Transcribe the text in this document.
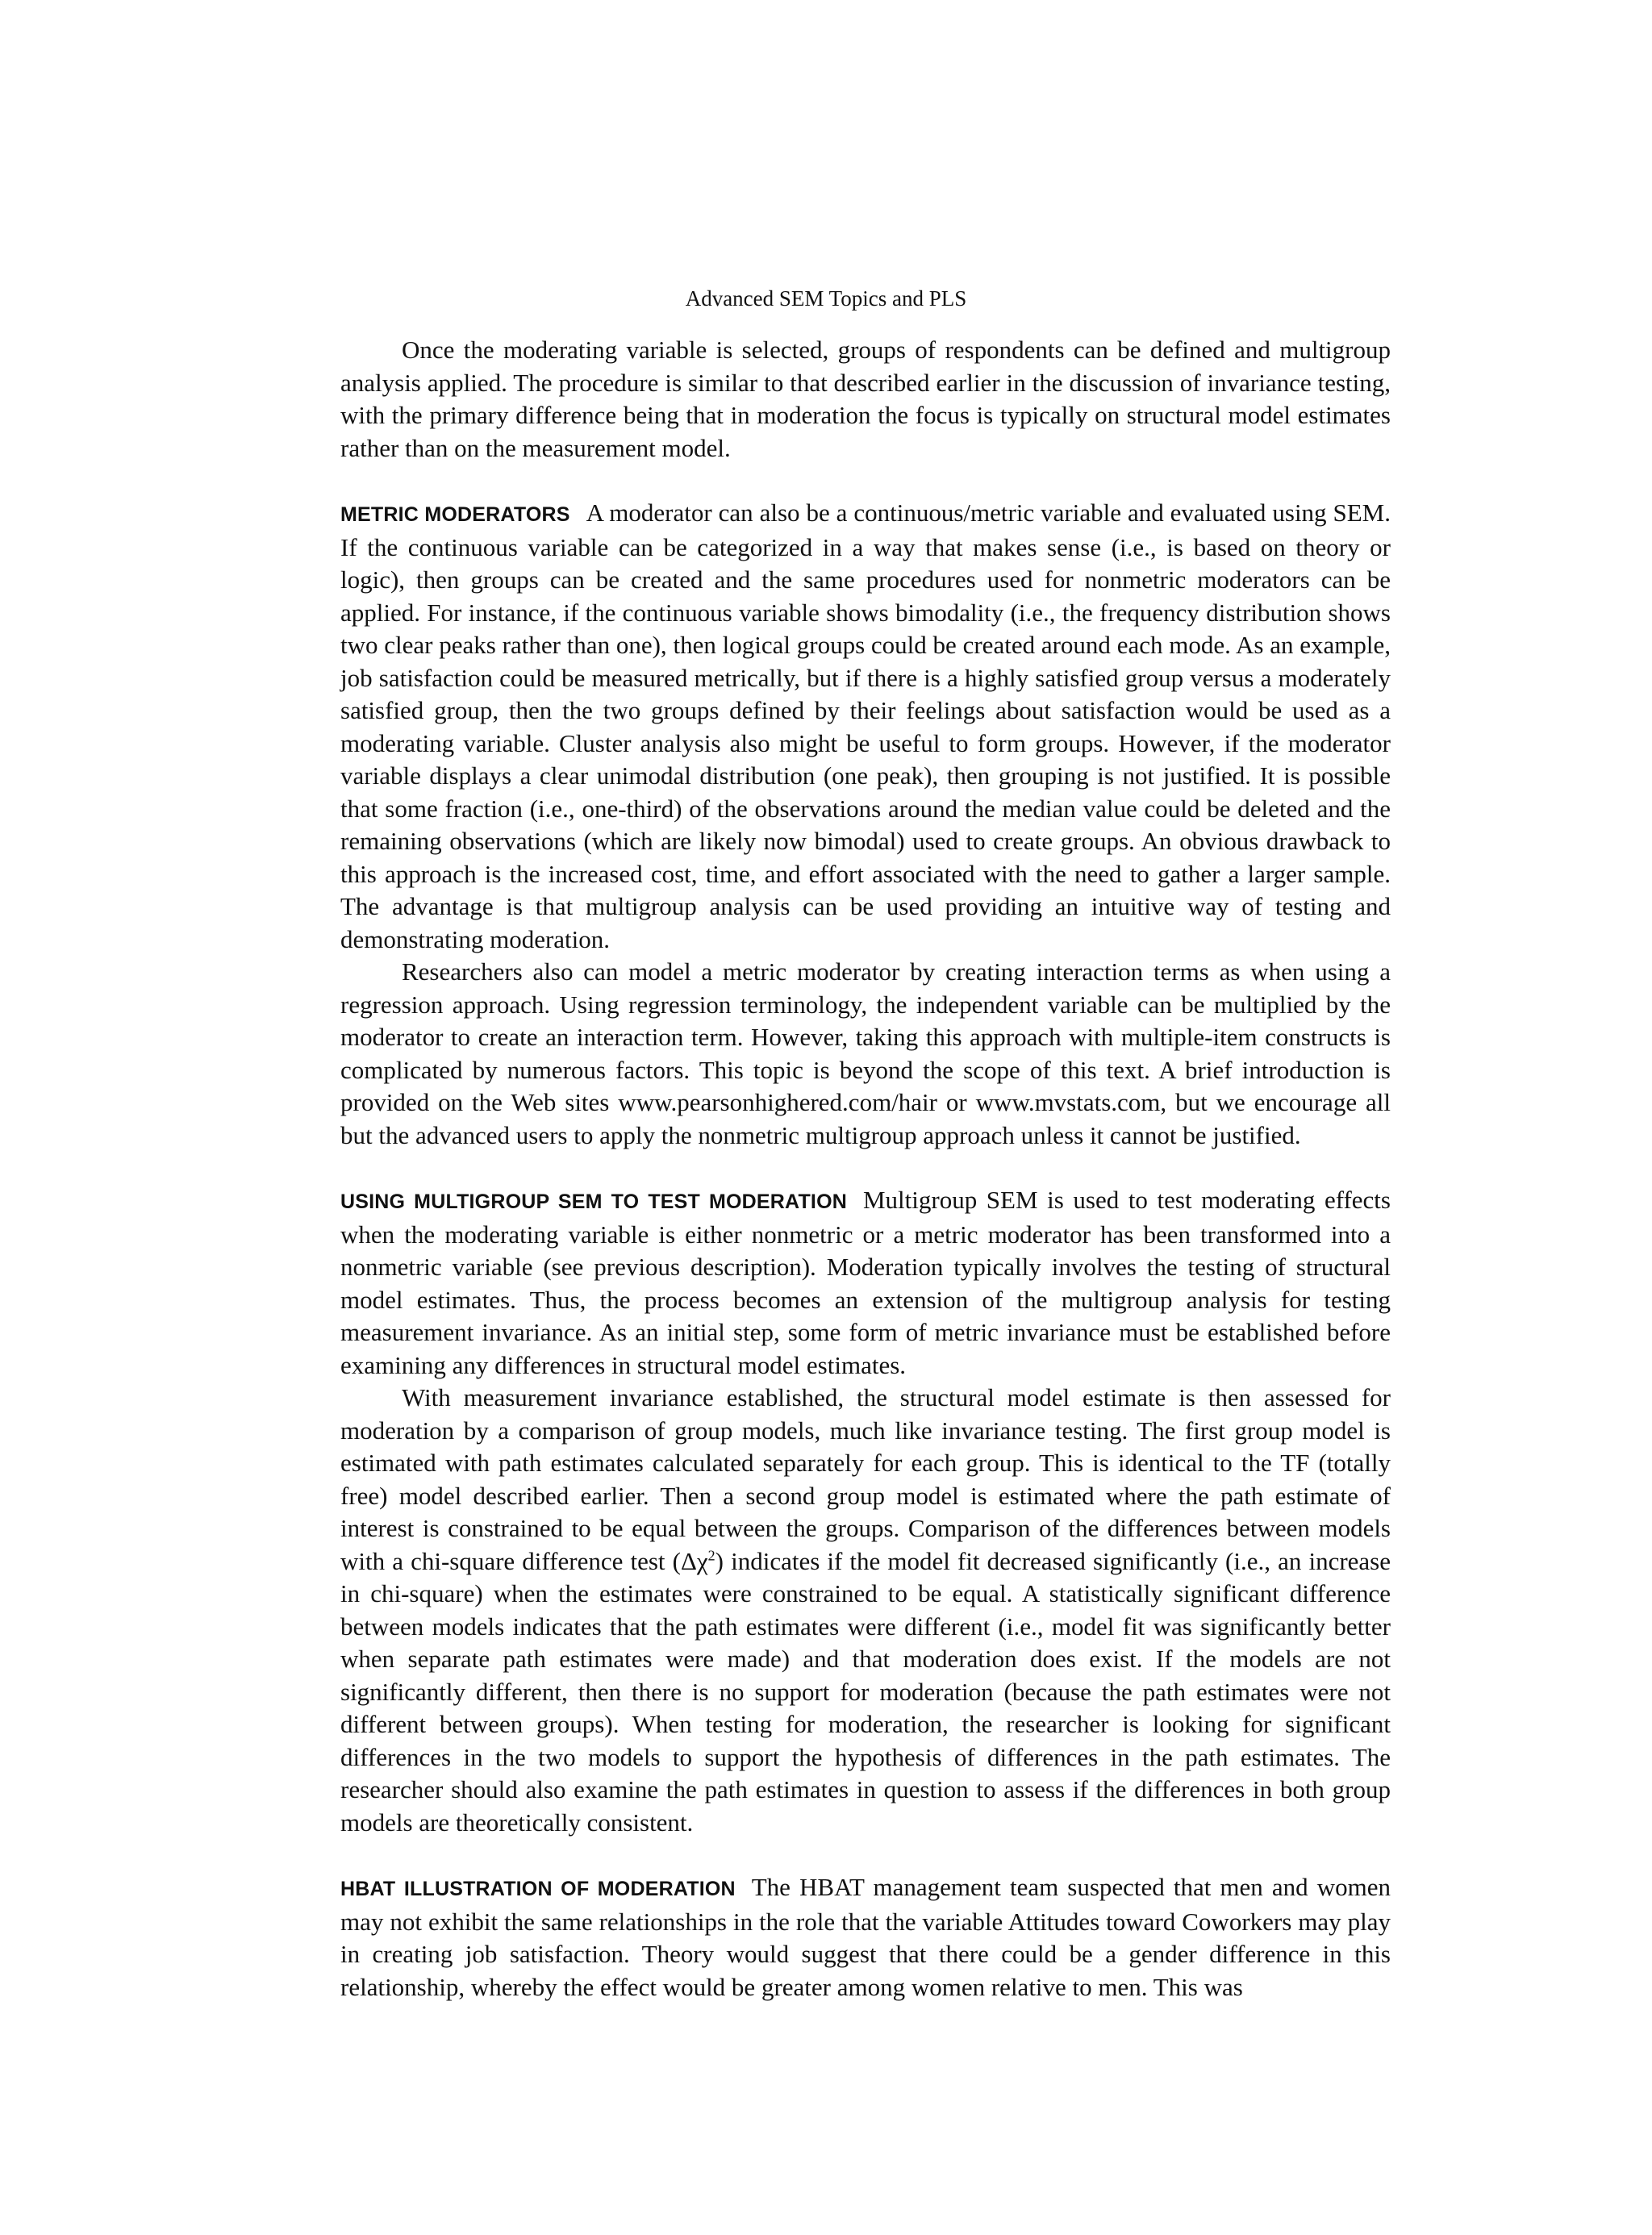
Advanced SEM Topics and PLS

Once the moderating variable is selected, groups of respondents can be defined and multigroup analysis applied. The procedure is similar to that described earlier in the discussion of invariance testing, with the primary difference being that in moderation the focus is typically on structural model estimates rather than on the measurement model.

METRIC MODERATORS A moderator can also be a continuous/metric variable and evaluated using SEM. If the continuous variable can be categorized in a way that makes sense (i.e., is based on theory or logic), then groups can be created and the same procedures used for nonmetric moderators can be applied. For instance, if the continuous variable shows bimodality (i.e., the frequency distribution shows two clear peaks rather than one), then logical groups could be created around each mode. As an example, job satisfaction could be measured metrically, but if there is a highly satisfied group versus a moderately satisfied group, then the two groups defined by their feelings about satisfaction would be used as a moderating variable. Cluster analysis also might be useful to form groups. However, if the moderator variable displays a clear unimodal distribution (one peak), then grouping is not justified. It is possible that some fraction (i.e., one-third) of the observations around the median value could be deleted and the remaining observations (which are likely now bimodal) used to create groups. An obvious drawback to this approach is the increased cost, time, and effort associated with the need to gather a larger sample. The advantage is that multigroup analysis can be used providing an intuitive way of testing and demonstrating moderation.

Researchers also can model a metric moderator by creating interaction terms as when using a regression approach. Using regression terminology, the independent variable can be multiplied by the moderator to create an interaction term. However, taking this approach with multiple-item constructs is complicated by numerous factors. This topic is beyond the scope of this text. A brief introduction is provided on the Web sites www.pearsonhighered.com/hair or www.mvstats.com, but we encourage all but the advanced users to apply the nonmetric multigroup approach unless it cannot be justified.

USING MULTIGROUP SEM TO TEST MODERATION Multigroup SEM is used to test moderating effects when the moderating variable is either nonmetric or a metric moderator has been transformed into a nonmetric variable (see previous description). Moderation typically involves the testing of structural model estimates. Thus, the process becomes an extension of the multigroup analysis for testing measurement invariance. As an initial step, some form of metric invariance must be established before examining any differences in structural model estimates.

With measurement invariance established, the structural model estimate is then assessed for moderation by a comparison of group models, much like invariance testing. The first group model is estimated with path estimates calculated separately for each group. This is identical to the TF (totally free) model described earlier. Then a second group model is estimated where the path estimate of interest is constrained to be equal between the groups. Comparison of the differences between models with a chi-square difference test $(\Delta\chi^2)$ indicates if the model fit decreased significantly (i.e., an increase in chi-square) when the estimates were constrained to be equal. A statistically significant difference between models indicates that the path estimates were different (i.e., model fit was significantly better when separate path estimates were made) and that moderation does exist. If the models are not significantly different, then there is no support for moderation (because the path estimates were not different between groups). When testing for moderation, the researcher is looking for significant differences in the two models to support the hypothesis of differences in the path estimates. The researcher should also examine the path estimates in question to assess if the differences in both group models are theoretically consistent.

HBAT ILLUSTRATION OF MODERATION The HBAT management team suspected that men and women may not exhibit the same relationships in the role that the variable Attitudes toward Coworkers may play in creating job satisfaction. Theory would suggest that there could be a gender difference in this relationship, whereby the effect would be greater among women relative to men. This was
